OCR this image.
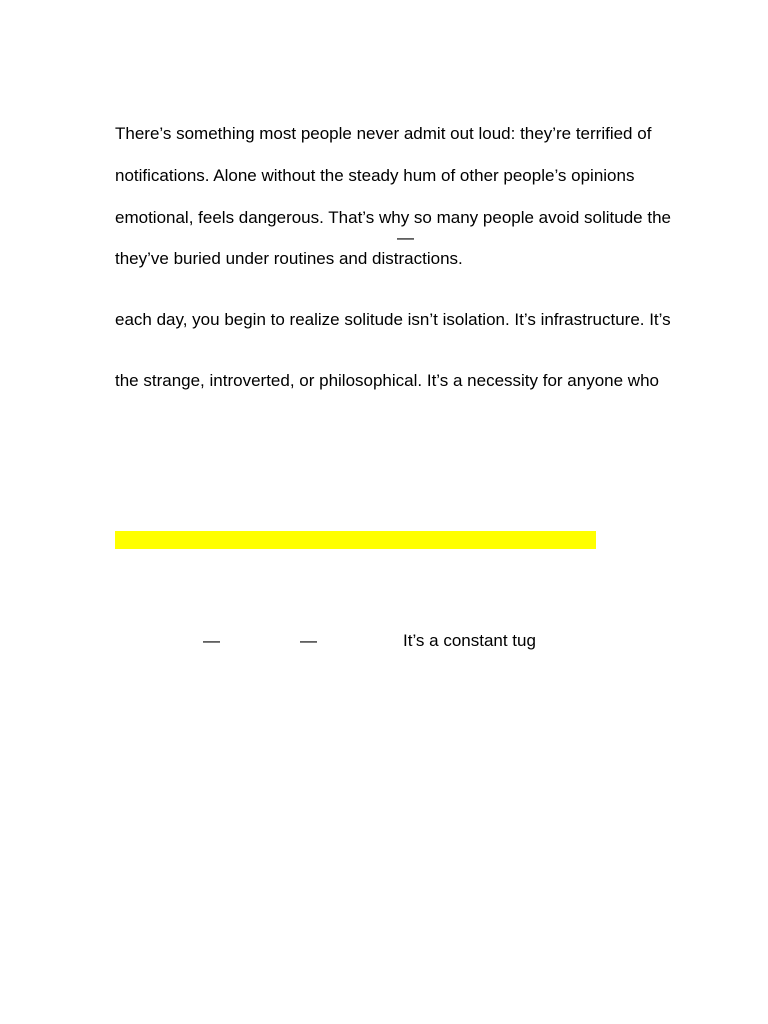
There’s something most people never admit out loud: they’re terrified of
notifications. Alone without the steady hum of other people’s opinions
emotional, feels dangerous. That’s why so many people avoid solitude the
—
they’ve buried under routines and distractions.
each day, you begin to realize solitude isn’t isolation. It’s infrastructure. It’s
the strange, introverted, or philosophical. It’s a necessity for anyone who
—	—	It’s a constant tug
